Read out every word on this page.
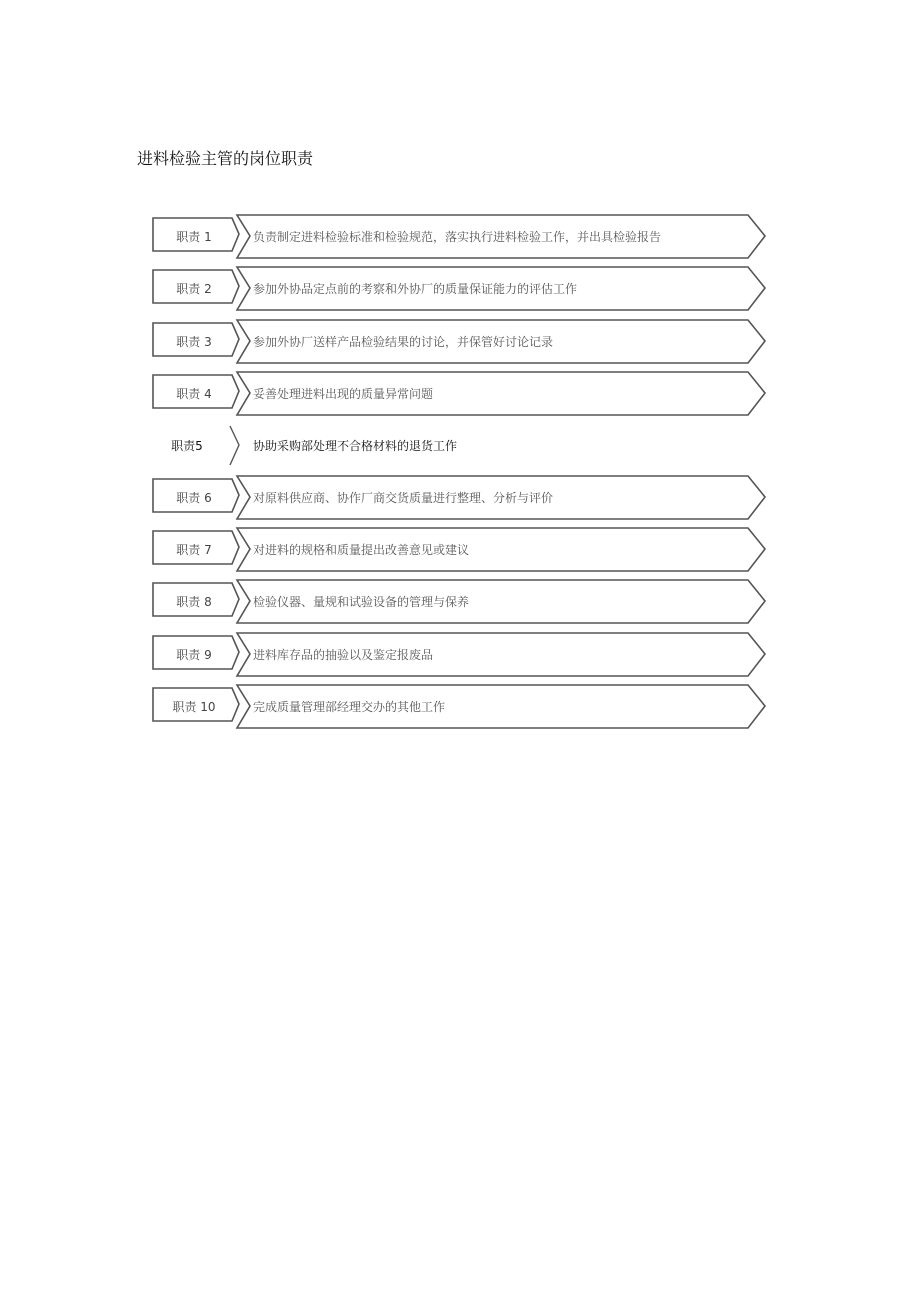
进料检验主管的岗位职责
职责 1	负责制定进料检验标准和检验规范，落实执行进料检验工作，并出具检验报告
职责 2	参加外协品定点前的考察和外协厂的质量保证能力的评估工作
职责 3	参加外协厂送样产品检验结果的讨论，并保管好讨论记录
职责 4	妥善处理进料出现的质量异常问题
职责5	协助采购部处理不合格材料的退货工作
职责 6	对原料供应商、协作厂商交货质量进行整理、分析与评价
职责 7	对进料的规格和质量提出改善意见或建议
职责 8	检验仪器、量规和试验设备的管理与保养
职责 9	进料库存品的抽验以及鉴定报废品
职责 10	完成质量管理部经理交办的其他工作
